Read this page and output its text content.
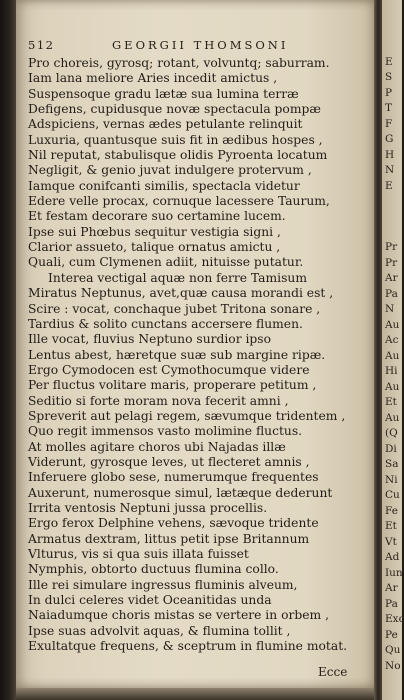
512	GEORGII THOMSONI
Pro choreis, gyrosq; rotant, volvuntq; saburram.
Iam lana meliore Aries incedit amictus ,
Suspensoque gradu lætæ sua lumina terræ
Defigens, cupidusque novæ spectacula pompæ
Adspiciens, vernas ædes petulante relinquit
Luxuria, quantusque suis fit in ædibus hospes ,
Nil reputat, stabulisque olidis Pyroenta locatum
Negligit, & genio juvat indulgere protervum ,
Iamque conifcanti similis, spectacla videtur
Edere velle procax, cornuque lacessere Taurum,
Et festam decorare suo certamine lucem.
Ipse sui Phœbus sequitur vestigia signi ,
Clarior assueto, talique ornatus amictu ,
Quali, cum Clymenen adiit, nituisse putatur.
Interea vectigal aquæ non ferre Tamisum
Miratus Neptunus, avet,quæ causa morandi est ,
Scire : vocat, conchaque jubet Tritona sonare ,
Tardius & solito cunctans accersere flumen.
Ille vocat, fluvius Neptuno surdior ipso
Lentus abest, hæretque suæ sub margine ripæ.
Ergo Cymodocen est Cymothocumque videre
Per fluctus volitare maris, properare petitum ,
Seditio si forte moram nova fecerit amni ,
Spreverit aut pelagi regem, sævumque tridentem ,
Quo regit immensos vasto molimine fluctus.
At molles agitare choros ubi Najadas illæ
Viderunt, gyrosque leves, ut flecteret amnis ,
Inferuere globo sese, numerumque frequentes
Auxerunt, numerosque simul, lætæque dederunt
Irrita ventosis Neptuni jussa procellis.
Ergo ferox Delphine vehens, sævoque tridente
Armatus dextram, littus petit ipse Britannum
Vlturus, vis si qua suis illata fuisset
Nymphis, obtorto ductuus flumina collo.
Ille rei simulare ingressus fluminis alveum,
In dulci celeres videt Oceanitidas unda
Naiadumque choris mistas se vertere in orbem ,
Ipse suas advolvit aquas, & flumina tollit ,
Exultatque frequens, & sceptrum in flumine motat.
Ecce
E
S
P
T
F
G
H
N
E
Pr
Pr
Ar
Pa
N
Au
Ac
Au
Hi
Au
Et
Au
(Q
Di
Sa
Ni
Cu
Fe
Et
Vt
Ad
Iun
Ar
Pa
Exc
Pe
Qu
No
